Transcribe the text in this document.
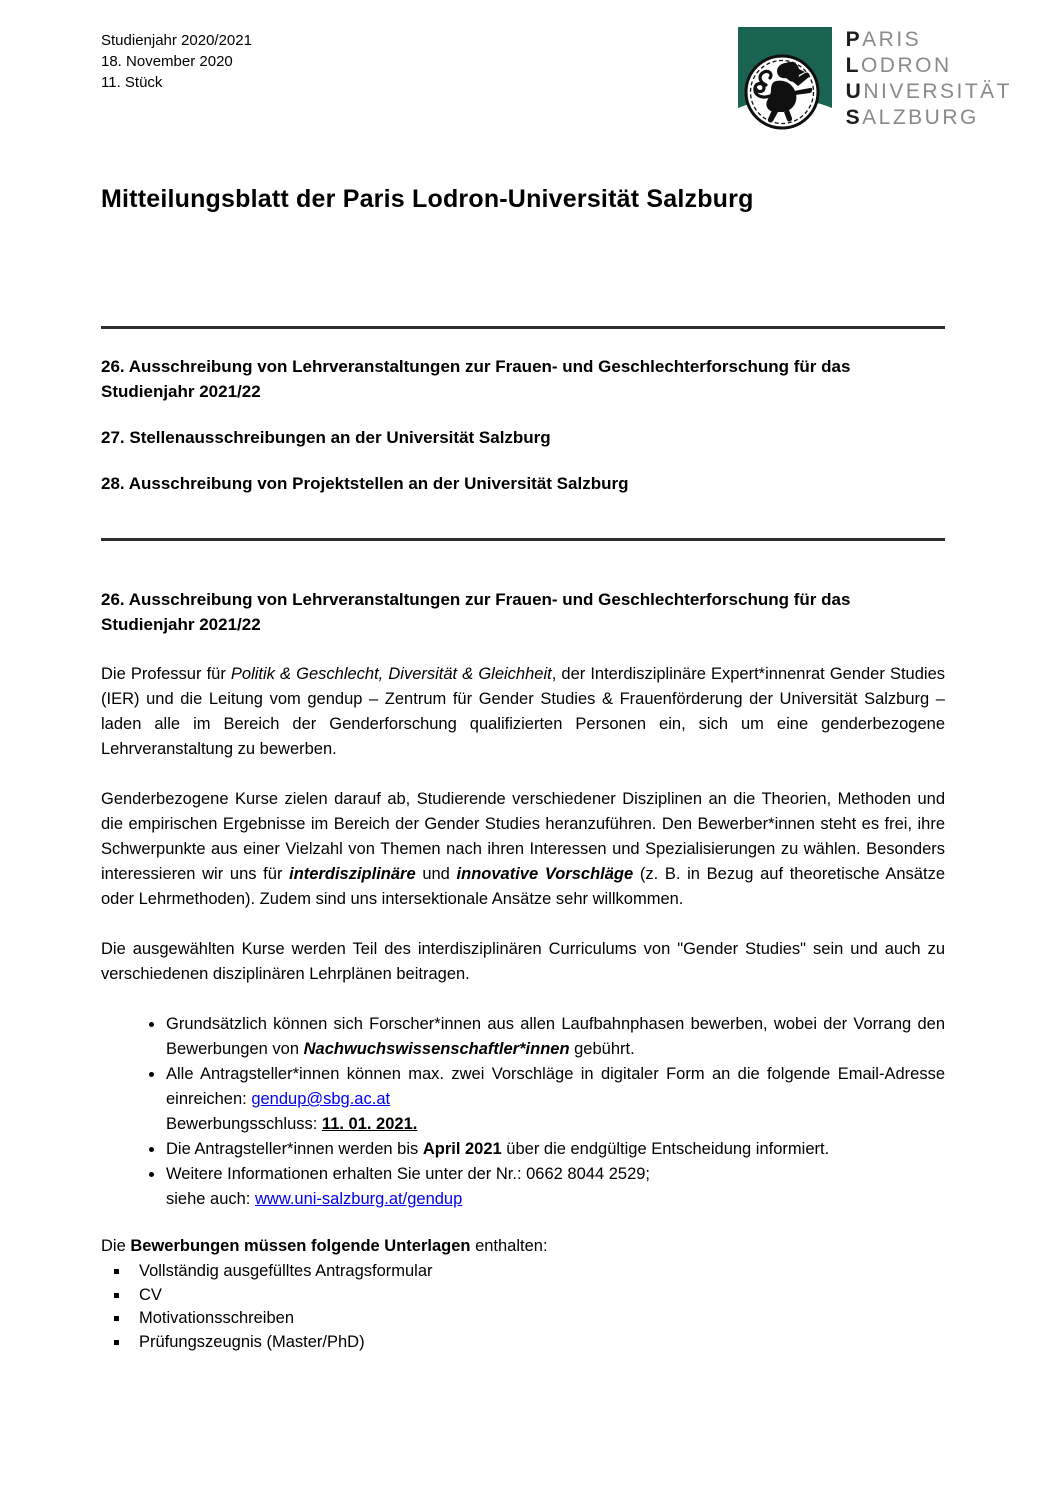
Studienjahr 2020/2021
18. November 2020
11. Stück
PARIS
LODRON
UNIVERSITÄT
SALZBURG
Mitteilungsblatt der Paris Lodron-Universität Salzburg
26. Ausschreibung von Lehrveranstaltungen zur Frauen- und Geschlechterforschung für das Studienjahr 2021/22
27. Stellenausschreibungen an der Universität Salzburg
28. Ausschreibung von Projektstellen an der Universität Salzburg
26. Ausschreibung von Lehrveranstaltungen zur Frauen- und Geschlechterforschung für das Studienjahr 2021/22

Die Professur für Politik & Geschlecht, Diversität & Gleichheit, der Interdisziplinäre Expert*innenrat Gender Studies (IER) und die Leitung vom gendup – Zentrum für Gender Studies & Frauenförderung der Universität Salzburg – laden alle im Bereich der Genderforschung qualifizierten Personen ein, sich um eine genderbezogene Lehrveranstaltung zu bewerben.

Genderbezogene Kurse zielen darauf ab, Studierende verschiedener Disziplinen an die Theorien, Methoden und die empirischen Ergebnisse im Bereich der Gender Studies heranzuführen. Den Bewerber*innen steht es frei, ihre Schwerpunkte aus einer Vielzahl von Themen nach ihren Interessen und Spezialisierungen zu wählen. Besonders interessieren wir uns für interdisziplinäre und innovative Vorschläge (z. B. in Bezug auf theoretische Ansätze oder Lehrmethoden). Zudem sind uns intersektionale Ansätze sehr willkommen.

Die ausgewählten Kurse werden Teil des interdisziplinären Curriculums von "Gender Studies" sein und auch zu verschiedenen disziplinären Lehrplänen beitragen.

• Grundsätzlich können sich Forscher*innen aus allen Laufbahnphasen bewerben, wobei der Vorrang den Bewerbungen von Nachwuchswissenschaftler*innen gebührt.
• Alle Antragsteller*innen können max. zwei Vorschläge in digitaler Form an die folgende Email-Adresse einreichen: gendup@sbg.ac.at
Bewerbungsschluss: 11. 01. 2021.
• Die Antragsteller*innen werden bis April 2021 über die endgültige Entscheidung informiert.
• Weitere Informationen erhalten Sie unter der Nr.: 0662 8044 2529;
siehe auch: www.uni-salzburg.at/gendup

Die Bewerbungen müssen folgende Unterlagen enthalten:

▪ Vollständig ausgefülltes Antragsformular
▪ CV
▪ Motivationsschreiben
▪ Prüfungszeugnis (Master/PhD)
